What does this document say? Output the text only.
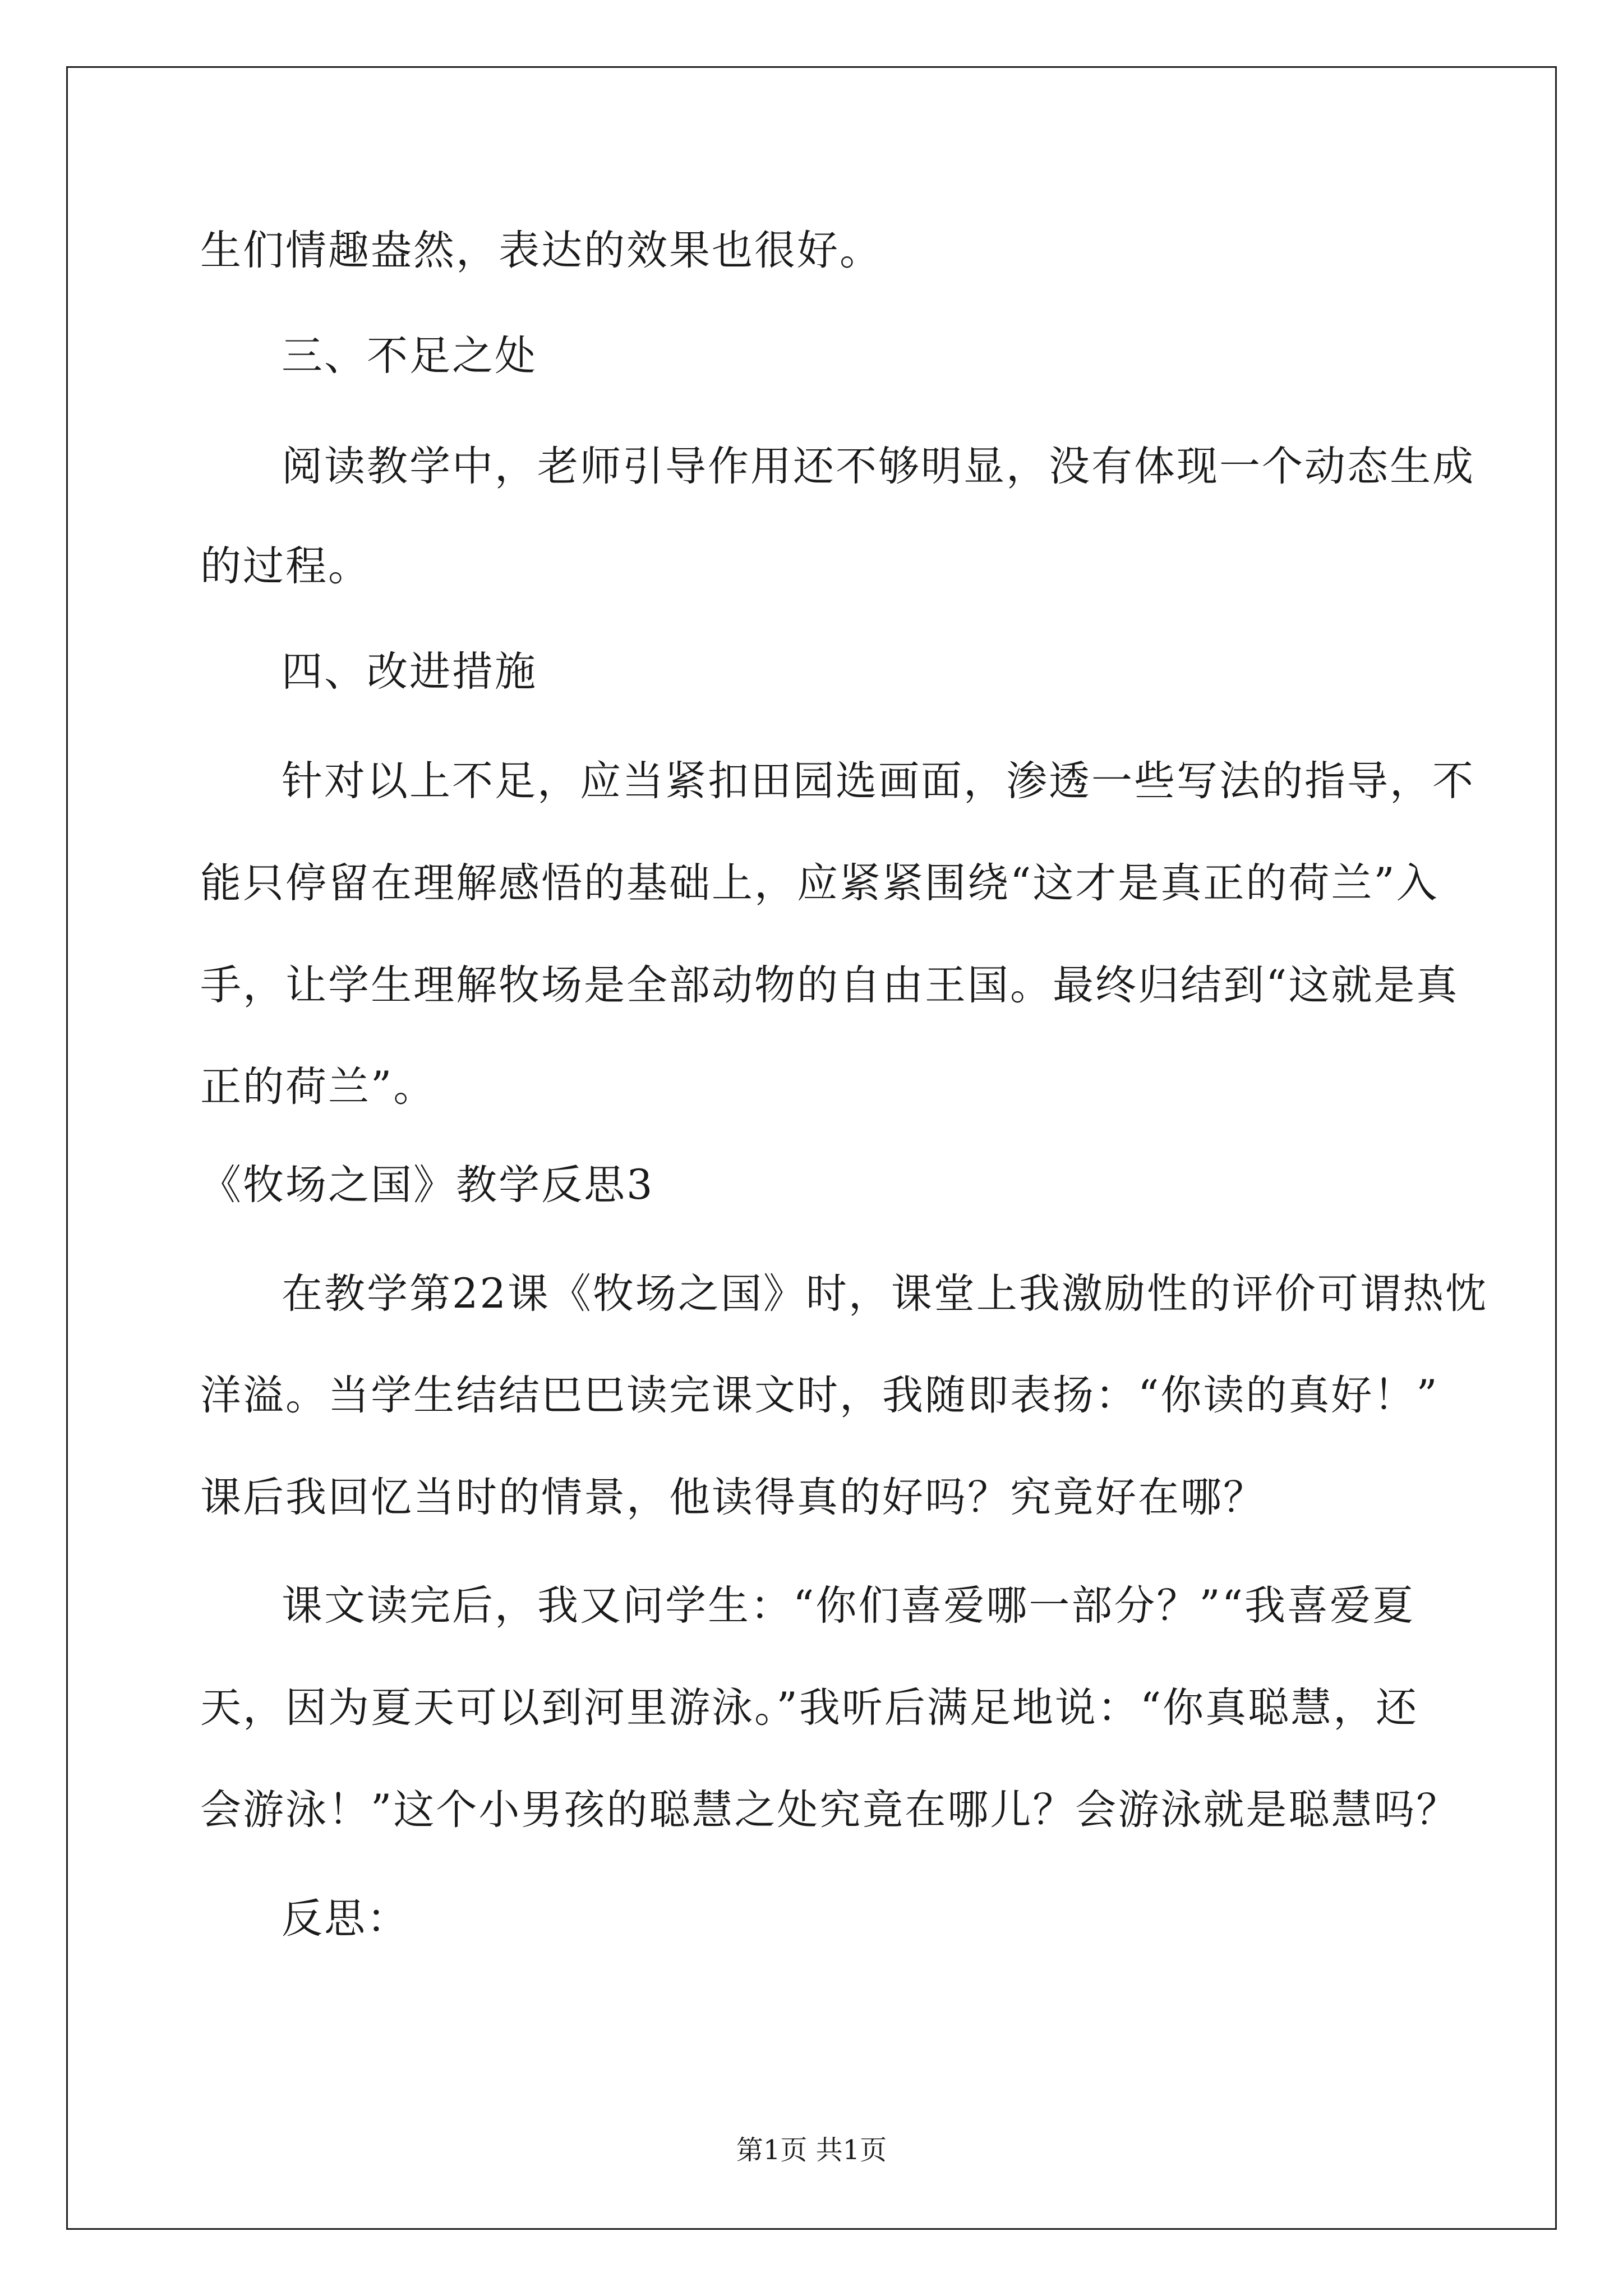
生们情趣盎然，表达的效果也很好。
三、不足之处
阅读教学中，老师引导作用还不够明显，没有体现一个动态生成
的过程。
四、改进措施
针对以上不足，应当紧扣田园选画面，渗透一些写法的指导，不
能只停留在理解感悟的基础上，应紧紧围绕“这才是真正的荷兰”入
手，让学生理解牧场是全部动物的自由王国。最终归结到“这就是真
正的荷兰”。
《牧场之国》教学反思3
在教学第22课《牧场之国》时，课堂上我激励性的评价可谓热忱
洋溢。当学生结结巴巴读完课文时，我随即表扬：“你读的真好！”
课后我回忆当时的情景，他读得真的好吗？究竟好在哪？
课文读完后，我又问学生：“你们喜爱哪一部分？”“我喜爱夏
天，因为夏天可以到河里游泳。”我听后满足地说：“你真聪慧，还
会游泳！”这个小男孩的聪慧之处究竟在哪儿？会游泳就是聪慧吗？
反思：
第1页 共1页
